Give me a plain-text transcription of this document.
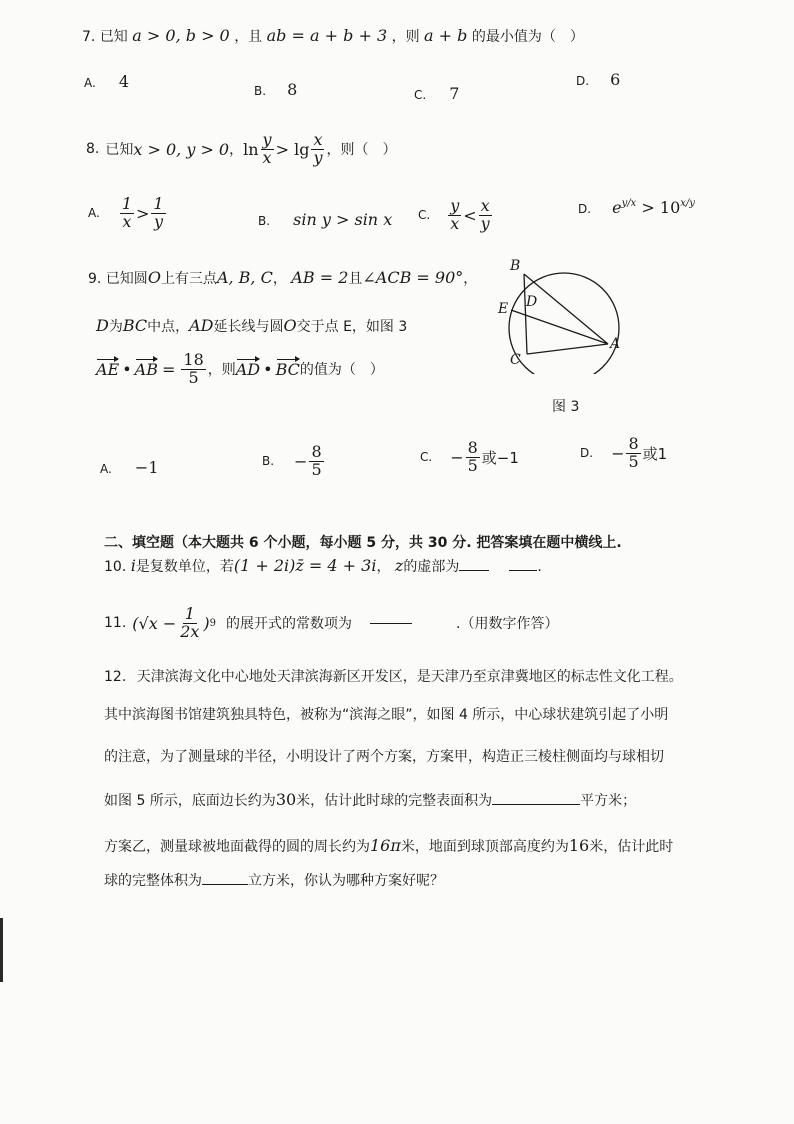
7. 已知 a > 0, b > 0 ，且 ab = a + b + 3 ，则 a + b 的最小值为（　）
A. 4	B. 8	C. 7
D. 6
8. 已知 x > 0, y > 0 ， $\ln \frac{y}{x} > \lg \frac{x}{y}$ ，则（　）
A. $\frac{1}{x} > \frac{1}{y}$	B. sin y > sin x C. $\frac{y}{x} < \frac{x}{y}$	D. $e^{y/x} > 10^{x/y}$
9. 已知圆O上有三点A, B, C， AB = 2且∠ACB = 90°，
D为BC中点，AD延长线与圆O交于点 E，如图 3
AE • AB = $\frac{18}{5}$ ，则 AD • BC 的值为（　）
B
D
E
C
A
图 3
A. −1	B. − $\frac{8}{5}$	C. − $\frac{8}{5}$ 或−1	D. − $\frac{8}{5}$ 或1
二、填空题（本大题共 6 个小题，每小题 5 分，共 30 分. 把答案填在题中横线上.
10. i是复数单位，若(1 + 2i)z̄ = 4 + 3i， z的虚部为	.
11. ($√x - \frac{1}{2x}$ ) 9 的展开式的常数项为	.（用数字作答）
12. 天津滨海文化中心地处天津滨海新区开发区，是天津乃至京津冀地区的标志性文化工程。
其中滨海图书馆建筑独具特色，被称为“滨海之眼”，如图 4 所示，中心球状建筑引起了小明
的注意，为了测量球的半径，小明设计了两个方案，方案甲，构造正三棱柱侧面均与球相切
如图 5 所示，底面边长约为30米，估计此时球的完整表面积为	平方米；
方案乙，测量球被地面截得的圆的周长约为16π米，地面到球顶部高度约为16米，估计此时
球的完整体积为	立方米，你认为哪种方案好呢？
